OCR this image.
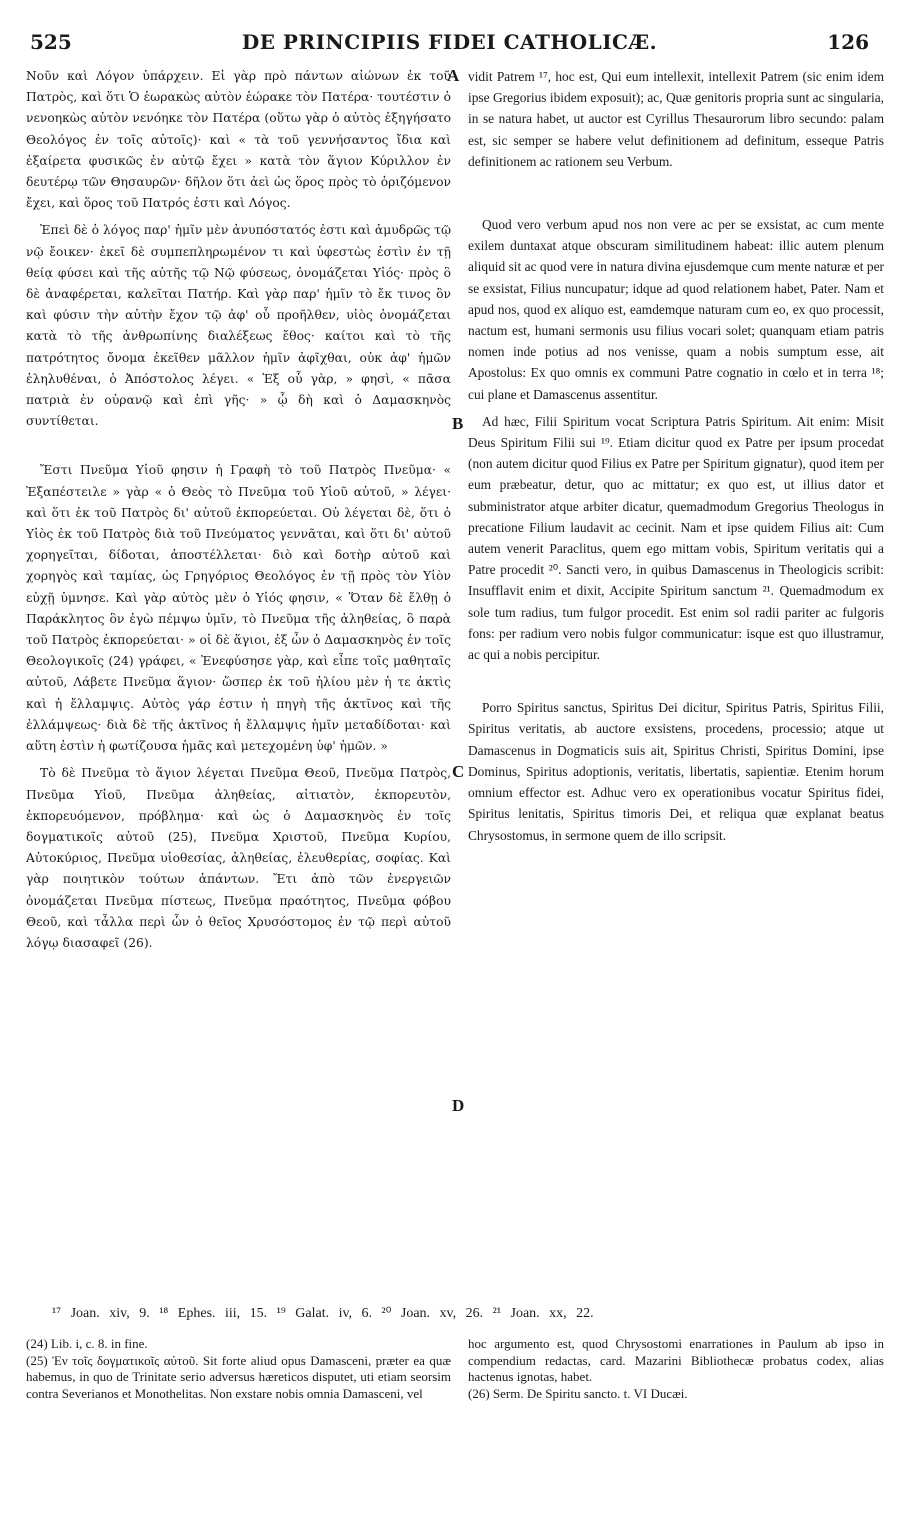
525	DE PRINCIPIIS FIDEI CATHOLICÆ.	126

Νοῦν καὶ Λόγον ὑπάρχειν. Εἰ γὰρ πρὸ πάντων αἰώνων ἐκ τοῦ Πατρὸς, καὶ ὅτι Ὁ ἑωρακὼς αὐτὸν ἑώρακε τὸν Πατέρα· τουτέστιν ὁ νενοηκὼς αὐτὸν νενόηκε τὸν Πατέρα (οὕτω γὰρ ὁ αὐτὸς ἐξηγήσατο Θεολόγος ἐν τοῖς αὐτοῖς)· καὶ « τὰ τοῦ γεννήσαντος ἴδια καὶ ἐξαίρετα φυσικῶς ἐν αὐτῷ ἔχει » κατὰ τὸν ἅγιον Κύριλλον ἐν δευτέρῳ τῶν Θησαυρῶν· δῆλον ὅτι ἀεὶ ὡς ὅρος πρὸς τὸ ὁριζόμενον ἔχει, καὶ ὅρος τοῦ Πατρός ἐστι καὶ Λόγος.

Ἐπεὶ δὲ ὁ λόγος παρ' ἡμῖν μὲν ἀνυπόστατός ἐστι καὶ ἀμυδρῶς τῷ νῷ ἔοικεν· ἐκεῖ δὲ συμπεπληρωμένον τι καὶ ὑφεστὼς ἐστὶν ἐν τῇ θείᾳ φύσει καὶ τῆς αὐτῆς τῷ Νῷ φύσεως, ὀνομάζεται Υἱός· πρὸς ὃ δὲ ἀναφέρεται, καλεῖται Πατήρ. Καὶ γὰρ παρ' ἡμῖν τὸ ἔκ τινος ὂν καὶ φύσιν τὴν αὐτὴν ἔχον τῷ ἀφ' οὗ προῆλθεν, υἱὸς ὀνομάζεται κατὰ τὸ τῆς ἀνθρωπίνης διαλέξεως ἔθος· καίτοι καὶ τὸ τῆς πατρότητος ὄνομα ἐκεῖθεν μᾶλλον ἡμῖν ἀφῖχθαι, οὐκ ἀφ' ἡμῶν ἐληλυθέναι, ὁ Ἀπόστολος λέγει. « Ἐξ οὗ γὰρ, » φησὶ, « πᾶσα πατριὰ ἐν οὐρανῷ καὶ ἐπὶ γῆς· » ᾧ δὴ καὶ ὁ Δαμασκηνὸς συντίθεται.

Ἔστι Πνεῦμα Υἱοῦ φησιν ἡ Γραφὴ τὸ τοῦ Πατρὸς Πνεῦμα· « Ἐξαπέστειλε » γὰρ « ὁ Θεὸς τὸ Πνεῦμα τοῦ Υἱοῦ αὐτοῦ, » λέγει· καὶ ὅτι ἐκ τοῦ Πατρὸς δι' αὐτοῦ ἐκπορεύεται. Οὐ λέγεται δὲ, ὅτι ὁ Υἱὸς ἐκ τοῦ Πατρὸς διὰ τοῦ Πνεύματος γεννᾶται, καὶ ὅτι δι' αὐτοῦ χορηγεῖται, δίδοται, ἀποστέλλεται· διὸ καὶ δοτὴρ αὐτοῦ καὶ χορηγὸς καὶ ταμίας, ὡς Γρηγόριος Θεολόγος ἐν τῇ πρὸς τὸν Υἱὸν εὐχῇ ὑμνησε. Καὶ γὰρ αὐτὸς μὲν ὁ Υἱός φησιν, « Ὅταν δὲ ἔλθῃ ὁ Παράκλητος ὃν ἐγὼ πέμψω ὑμῖν, τὸ Πνεῦμα τῆς ἀληθείας, ὃ παρὰ τοῦ Πατρὸς ἐκπορεύεται· » οἱ δὲ ἅγιοι, ἐξ ὧν ὁ Δαμασκηνὸς ἐν τοῖς Θεολογικοῖς (24) γράφει, « Ἐνεφύσησε γὰρ, καὶ εἶπε τοῖς μαθηταῖς αὐτοῦ, Λάβετε Πνεῦμα ἅγιον· ὥσπερ ἐκ τοῦ ἡλίου μὲν ἡ τε ἀκτὶς καὶ ἡ ἔλλαμψις. Αὐτὸς γάρ ἐστιν ἡ πηγὴ τῆς ἀκτῖνος καὶ τῆς ἐλλάμψεως· διὰ δὲ τῆς ἀκτῖνος ἡ ἔλλαμψις ἡμῖν μεταδίδοται· καὶ αὕτη ἐστὶν ἡ φωτίζουσα ἡμᾶς καὶ μετεχομένη ὑφ' ἡμῶν. »

Τὸ δὲ Πνεῦμα τὸ ἅγιον λέγεται Πνεῦμα Θεοῦ, Πνεῦμα Πατρὸς, Πνεῦμα Υἱοῦ, Πνεῦμα ἀληθείας, αἰτιατὸν, ἐκπορευτὸν, ἐκπορευόμενον, πρόβλημα· καὶ ὡς ὁ Δαμασκηνὸς ἐν τοῖς δογματικοῖς αὐτοῦ (25), Πνεῦμα Χριστοῦ, Πνεῦμα Κυρίου, Αὐτοκύριος, Πνεῦμα υἱοθεσίας, ἀληθείας, ἐλευθερίας, σοφίας. Καὶ γὰρ ποιητικὸν τούτων ἁπάντων. Ἔτι ἀπὸ τῶν ἐνεργειῶν ὀνομάζεται Πνεῦμα πίστεως, Πνεῦμα πραότητος, Πνεῦμα φόβου Θεοῦ, καὶ τἆλλα περὶ ὧν ὁ θεῖος Χρυσόστομος ἐν τῷ περὶ αὐτοῦ λόγῳ διασαφεῖ (26).

vidit Patrem ¹⁷, hoc est, Qui eum intellexit, intellexit Patrem (sic enim idem ipse Gregorius ibidem exposuit); ac, Quæ genitoris propria sunt ac singularia, in se natura habet, ut auctor est Cyrillus Thesaurorum libro secundo: palam est, sic semper se habere velut definitionem ad definitum, esseque Patris definitionem ac rationem seu Verbum.

Quod vero verbum apud nos non vere ac per se exsistat, ac cum mente exilem duntaxat atque obscuram similitudinem habeat: illic autem plenum aliquid sit ac quod vere in natura divina ejusdemque cum mente naturæ et per se exsistat, Filius nuncupatur; idque ad quod relationem habet, Pater. Nam et apud nos, quod ex aliquo est, eamdemque naturam cum eo, ex quo processit, nactum est, humani sermonis usu filius vocari solet; quanquam etiam patris nomen inde potius ad nos venisse, quam a nobis sumptum esse, ait Apostolus: Ex quo omnis ex communi Patre cognatio in cœlo et in terra ¹⁸; cui plane et Damascenus assentitur.

Ad hæc, Filii Spiritum vocat Scriptura Patris Spiritum. Ait enim: Misit Deus Spiritum Filii sui ¹⁹. Etiam dicitur quod ex Patre per ipsum procedat (non autem dicitur quod Filius ex Patre per Spiritum gignatur), quod item per eum præbeatur, detur, quo ac mittatur; ex quo est, ut illius dator et subministrator atque arbiter dicatur, quemadmodum Gregorius Theologus in precatione Filium laudavit ac cecinit. Nam et ipse quidem Filius ait: Cum autem venerit Paraclitus, quem ego mittam vobis, Spiritum veritatis qui a Patre procedit ²⁰. Sancti vero, in quibus Damascenus in Theologicis scribit: Insufflavit enim et dixit, Accipite Spiritum sanctum ²¹. Quemadmodum ex sole tum radius, tum fulgor procedit. Est enim sol radii pariter ac fulgoris fons: per radium vero nobis fulgor communicatur: isque est quo illustramur, ac qui a nobis percipitur.

Porro Spiritus sanctus, Spiritus Dei dicitur, Spiritus Patris, Spiritus Filii, Spiritus veritatis, ab auctore exsistens, procedens, processio; atque ut Damascenus in Dogmaticis suis ait, Spiritus Christi, Spiritus Domini, ipse Dominus, Spiritus adoptionis, veritatis, libertatis, sapientiæ. Etenim horum omnium effector est. Adhuc vero ex operationibus vocatur Spiritus fidei, Spiritus lenitatis, Spiritus timoris Dei, et reliqua quæ explanat beatus Chrysostomus, in sermone quem de illo scripsit.

A
B
C
D
¹⁷ Joan. xiv, 9. ¹⁸ Ephes. iii, 15. ¹⁹ Galat. iv, 6. ²⁰ Joan. xv, 26. ²¹ Joan. xx, 22.

(24) Lib. i, c. 8. in fine.

(25) Ἐν τοῖς δογματικοῖς αὐτοῦ. Sit forte aliud opus Damasceni, præter ea quæ habemus, in quo de Trinitate serio adversus hæreticos disputet, uti etiam seorsim contra Severianos et Monothelitas. Non exstare nobis omnia Damasceni, vel

hoc argumento est, quod Chrysostomi enarrationes in Paulum ab ipso in compendium redactas, card. Mazarini Bibliothecæ probatus codex, alias hactenus ignotas, habet.

(26) Serm. De Spiritu sancto. t. VI Ducæi.
